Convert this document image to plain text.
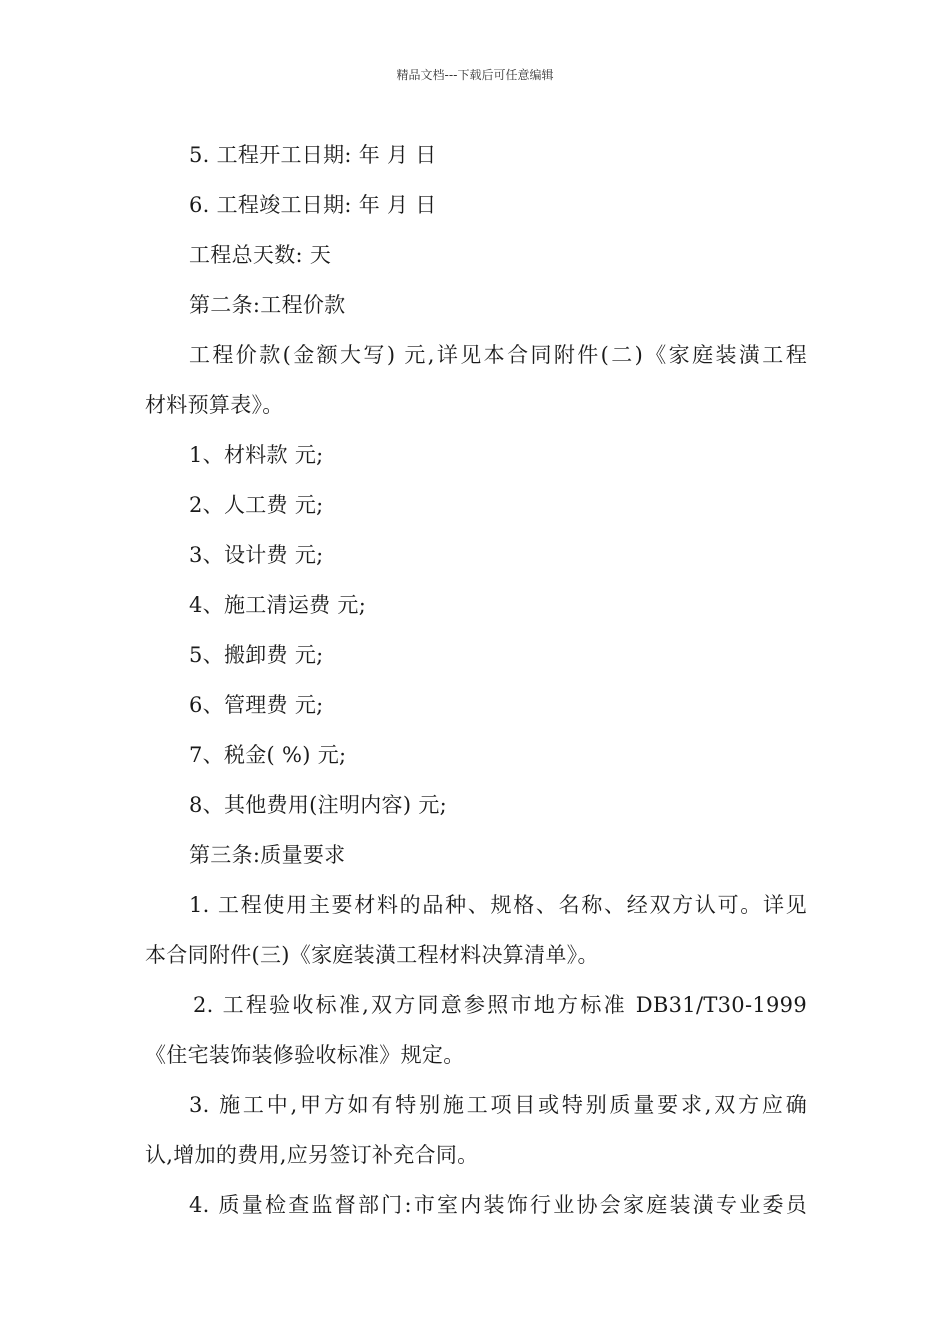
精品文档---下载后可任意编辑
5. 工程开工日期: 年 月 日
6. 工程竣工日期: 年 月 日
工程总天数: 天
第二条:工程价款
工程价款(金额大写) 元,详见本合同附件(二)《家庭装潢工程
材料预算表》。
1、材料款 元;
2、人工费 元;
3、设计费 元;
4、施工清运费 元;
5、搬卸费 元;
6、管理费 元;
7、税金( %) 元;
8、其他费用(注明内容) 元;
第三条:质量要求
1. 工程使用主要材料的品种、规格、名称、经双方认可。详见
本合同附件(三)《家庭装潢工程材料决算清单》。
2. 工程验收标准,双方同意参照市地方标准 DB31/T30-1999
《住宅装饰装修验收标准》规定。
3. 施工中,甲方如有特别施工项目或特别质量要求,双方应确
认,增加的费用,应另签订补充合同。
4. 质量检查监督部门:市室内装饰行业协会家庭装潢专业委员
